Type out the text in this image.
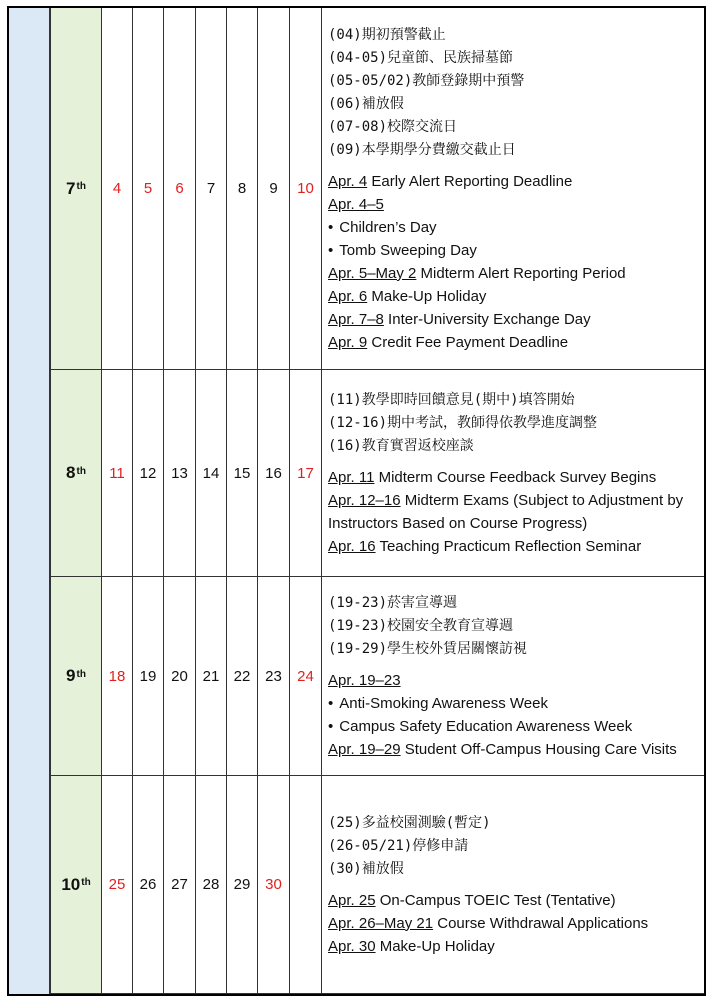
7th	4	5	6	7	8	9	10
(04)期初預警截止
(04-05)兒童節、民族掃墓節
(05-05/02)教師登錄期中預警
(06)補放假
(07-08)校際交流日
(09)本學期學分費繳交截止日
Apr. 4 Early Alert Reporting Deadline
Apr. 4–5
• Children’s Day
• Tomb Sweeping Day
Apr. 5–May 2 Midterm Alert Reporting Period
Apr. 6 Make-Up Holiday
Apr. 7–8 Inter-University Exchange Day
Apr. 9 Credit Fee Payment Deadline
8th	11 12 13 14 15 16	17
(11)教學即時回饋意見(期中)填答開始
(12-16)期中考試，教師得依教學進度調整
(16)教育實習返校座談
Apr. 11 Midterm Course Feedback Survey Begins
Apr. 12–16 Midterm Exams (Subject to Adjustment by Instructors Based on Course Progress)
Apr. 16 Teaching Practicum Reflection Seminar
9th	18 19 20 21 22 23	24
(19-23)菸害宣導週
(19-23)校園安全教育宣導週
(19-29)學生校外賃居關懷訪視
Apr. 19–23
• Anti-Smoking Awareness Week
• Campus Safety Education Awareness Week
Apr. 19–29 Student Off-Campus Housing Care Visits
10th	25 26 27 28 29 30
(25)多益校園測驗(暫定)
(26-05/21)停修申請
(30)補放假
Apr. 25 On-Campus TOEIC Test (Tentative)
Apr. 26–May 21 Course Withdrawal Applications
Apr. 30 Make-Up Holiday
